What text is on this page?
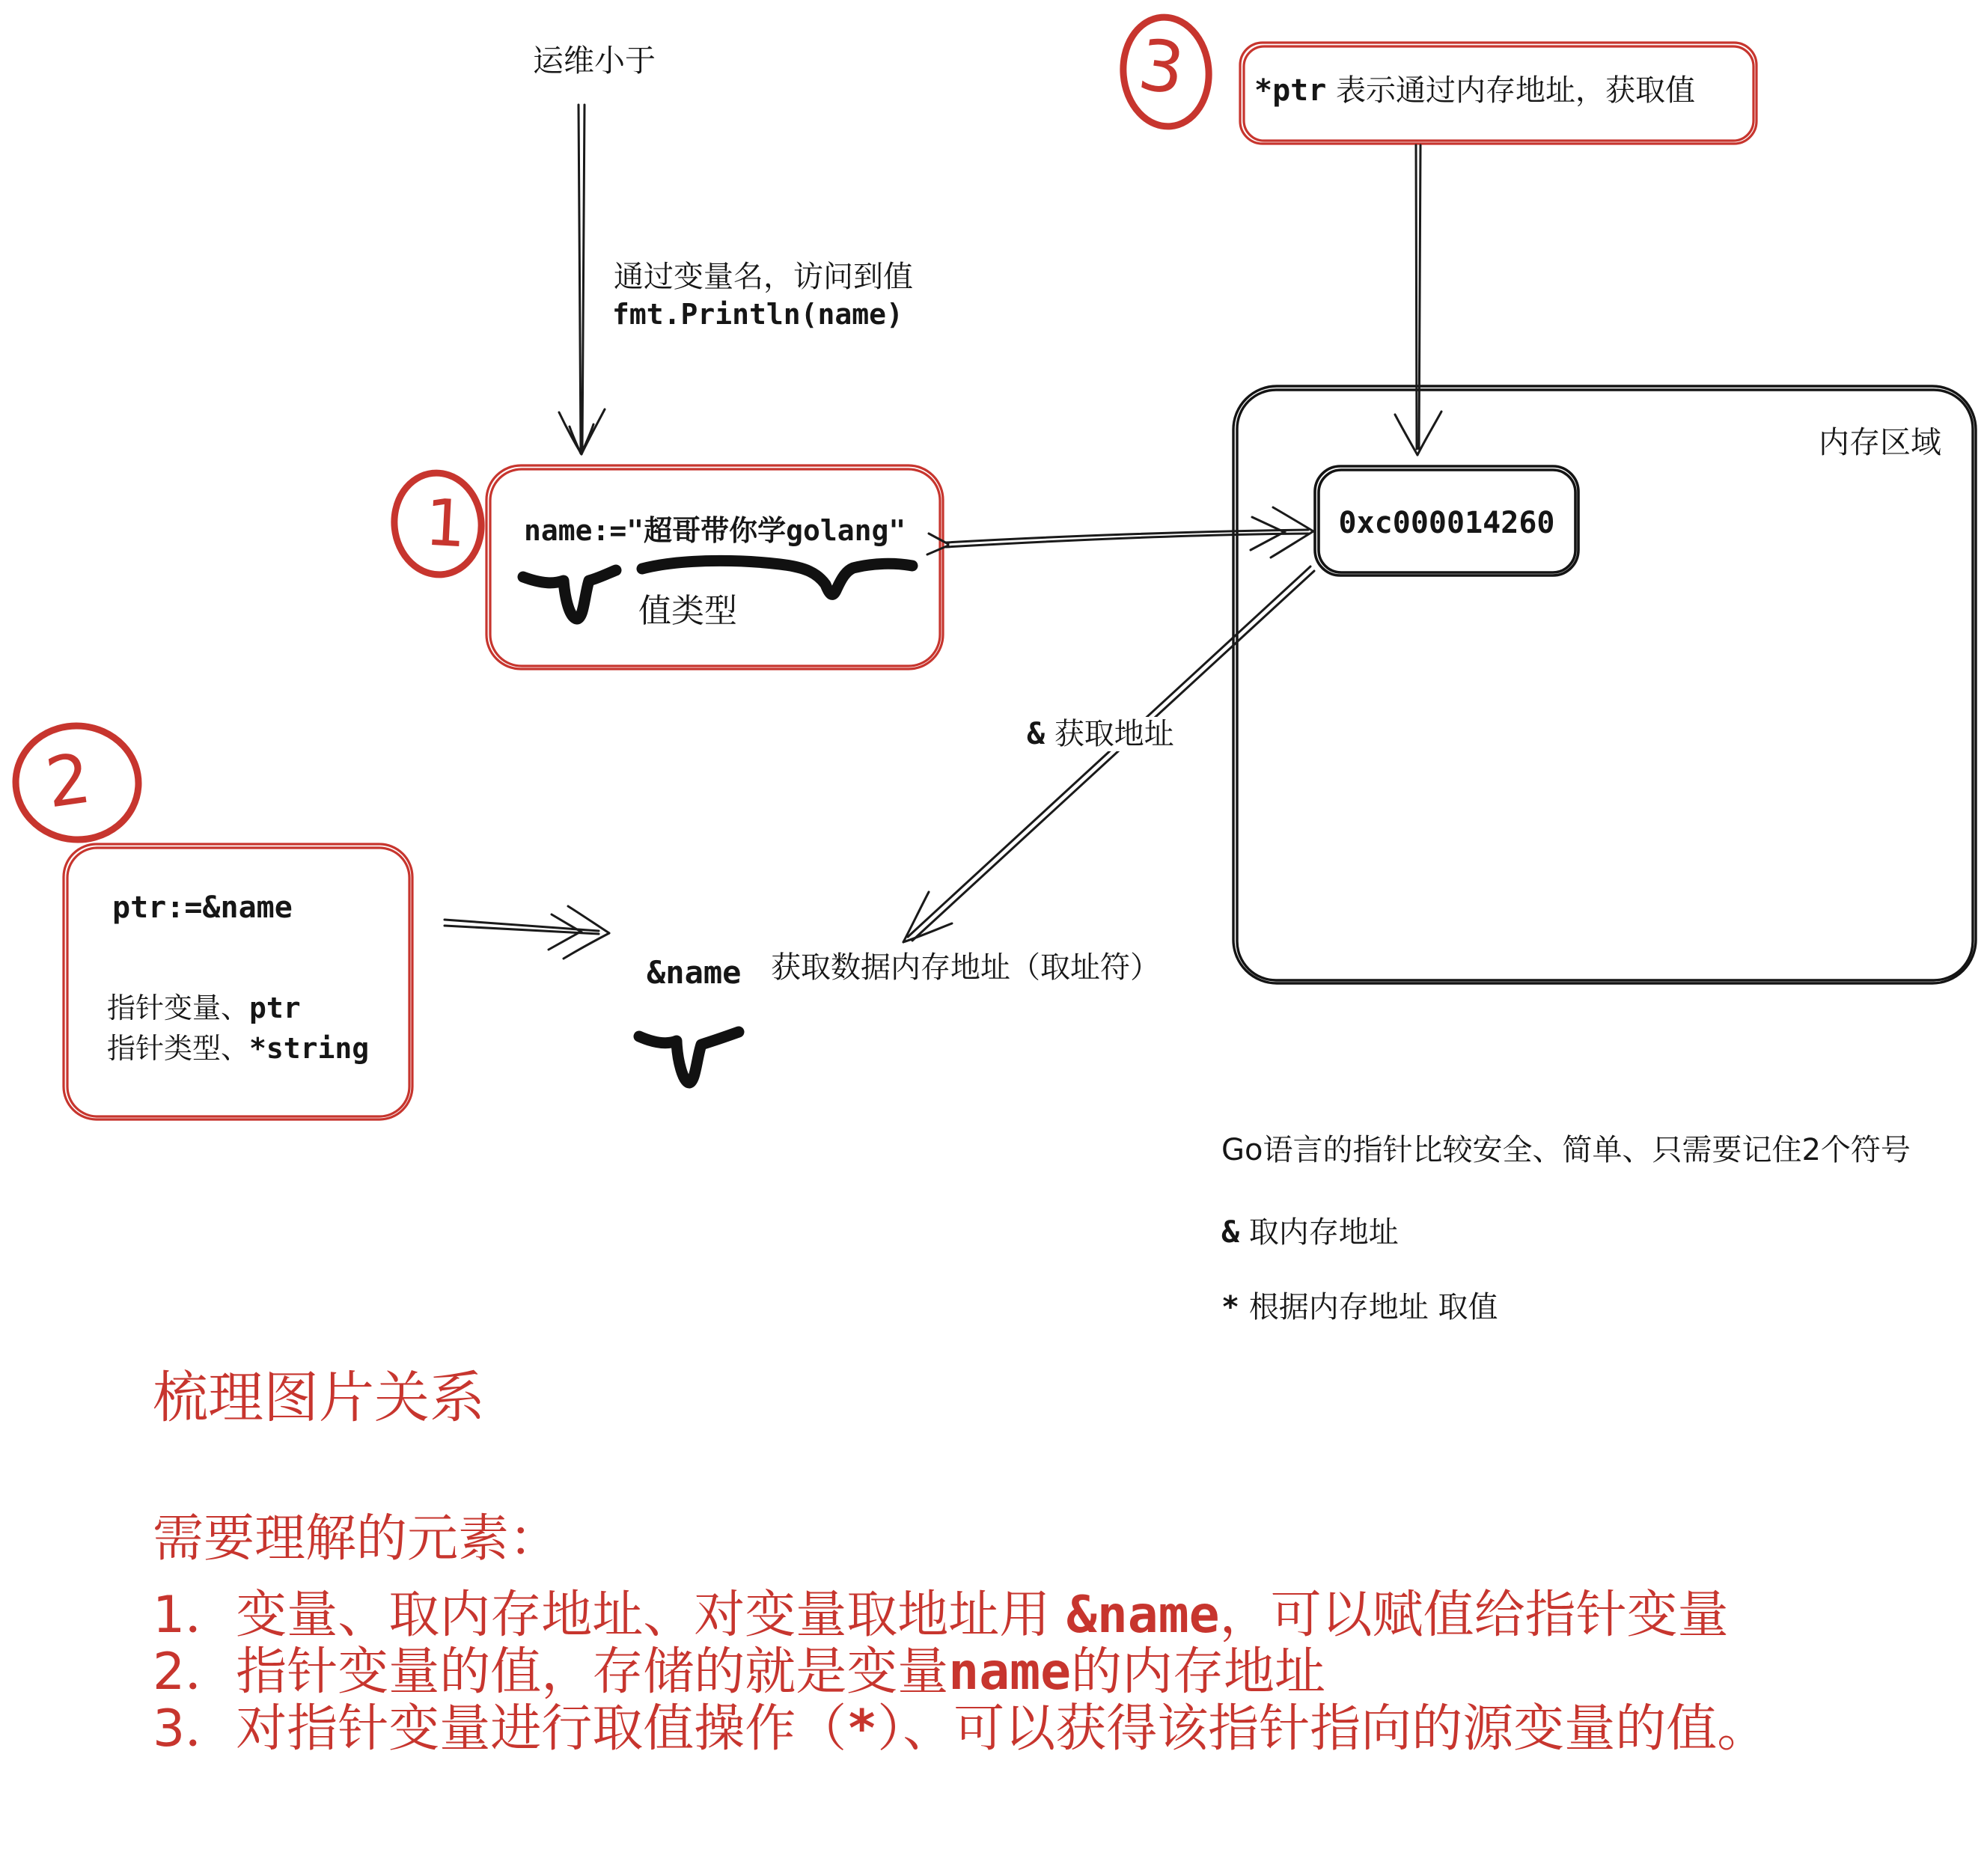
运维小于
通过变量名，访问到值
fmt.Println(name)
1 name:="超哥带你学golang"
值类型
3 *ptr 表示通过内存地址，获取值
内存区域
0xc000014260
& 获取地址
2
ptr:=&name
指针变量、ptr
指针类型、*string
&name 获取数据内存地址（取址符）
Go语言的指针比较安全、简单、只需要记住2个符号
& 取内存地址
* 根据内存地址 取值
梳理图片关系
需要理解的元素：
1．变量、取内存地址、对变量取地址用 &name，可以赋值给指针变量
2．指针变量的值，存储的就是变量name的内存地址
3．对指针变量进行取值操作（*）、可以获得该指针指向的源变量的值。
